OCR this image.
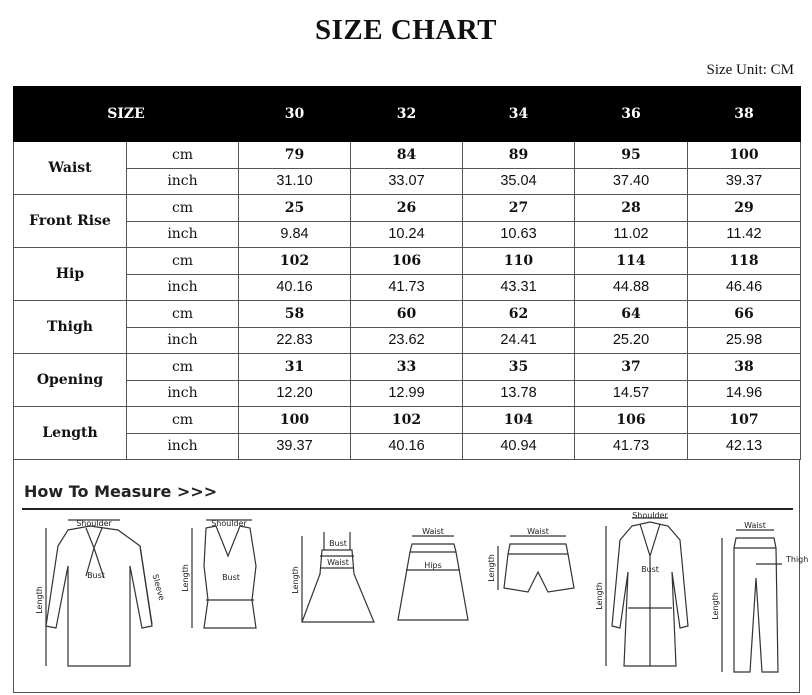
SIZE CHART
Size Unit: CM
SIZE		30	32	34	36	38
Waist	cm	79	84	89	95	100
	inch	31.10	33.07	35.04	37.40	39.37
Front Rise	cm	25	26	27	28	29
	inch	9.84	10.24	10.63	11.02	11.42
Hip	cm	102	106	110	114	118
	inch	40.16	41.73	43.31	44.88	46.46
Thigh	cm	58	60	62	64	66
	inch	22.83	23.62	24.41	25.20	25.98
Opening	cm	31	33	35	37	38
	inch	12.20	12.99	13.78	14.57	14.96
Length	cm	100	102	104	106	107
	inch	39.37	40.16	40.94	41.73	42.13
How To Measure >>>
Shoulder
Bust	Sleeve
Length
Shoulder
Bust
Length
Bust
Waist
Length
Waist
Hips
Waist
Length
Shoulder
Bust
Length
Waist
Thigh
Length
